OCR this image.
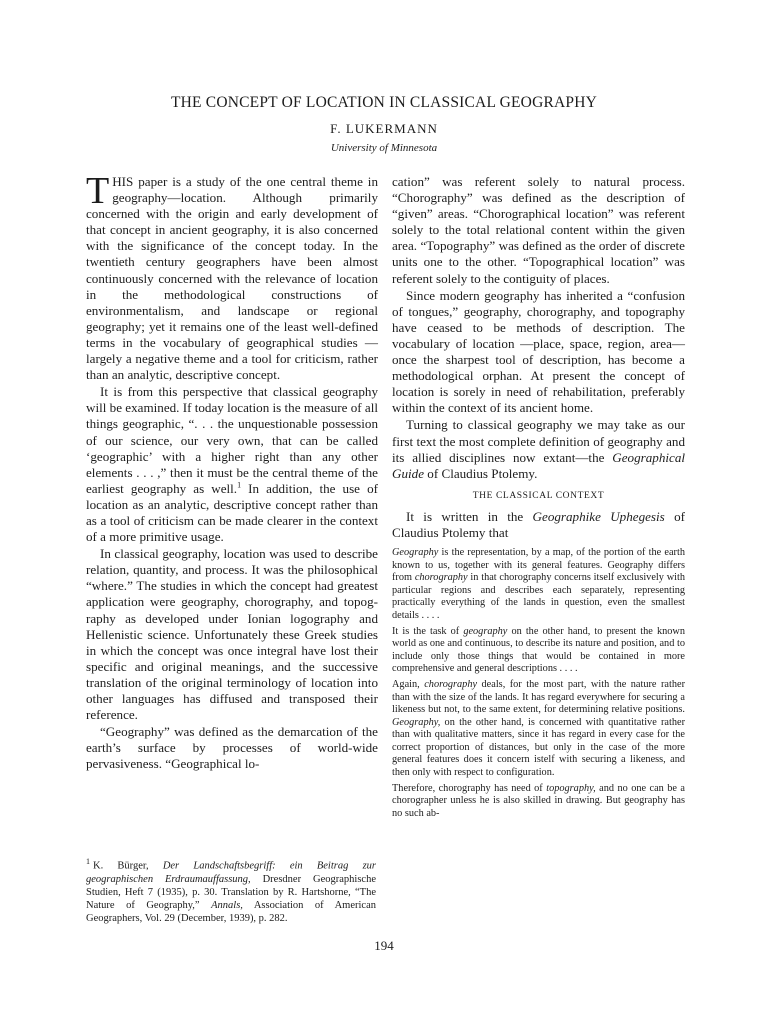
THE CONCEPT OF LOCATION IN CLASSICAL GEOGRAPHY
F. LUKERMANN
University of Minnesota

THIS paper is a study of the one central theme in geography—location. Although primarily concerned with the origin and early development of that concept in ancient geography, it is also concerned with the significance of the concept today. In the twentieth century geographers have been almost continuously concerned with the relevance of location in the methodological constructions of environmentalism, and landscape or regional geography; yet it remains one of the least well-defined terms in the vocabulary of geographical studies — largely a negative theme and a tool for criticism, rather than an analytic, descriptive concept.

It is from this perspective that classical geography will be examined. If today location is the measure of all things geographic, “. . . the unquestionable possession of our science, our very own, that can be called ‘geographic’ with a higher right than any other elements . . . ,” then it must be the central theme of the earliest geography as well.$^1$ In addition, the use of location as an analytic, descriptive concept rather than as a tool of criticism can be made clearer in the context of a more primitive usage.

In classical geography, location was used to describe relation, quantity, and process. It was the philosophical “where.” The studies in which the concept had greatest application were geography, chorography, and topography as developed under Ionian logography and Hellenistic science. Unfortunately these Greek studies in which the concept was once integral have lost their specific and original meanings, and the successive translation of the original terminology of location into other languages has diffused and transposed their reference.

“Geography” was defined as the demarcation of the earth’s surface by processes of world-wide pervasiveness. “Geographical lo-

$^1$ K. Bürger, Der Landschaftsbegriff: ein Beitrag zur geographischen Erdraumauffassung, Dresdner Geographische Studien, Heft 7 (1935), p. 30. Translation by R. Hartshorne, “The Nature of Geography,” Annals, Association of American Geographers, Vol. 29 (December, 1939), p. 282.

cation” was referent solely to natural process. “Chorography” was defined as the description of “given” areas. “Chorographical location” was referent solely to the total relational content within the given area. “Topography” was defined as the order of discrete units one to the other. “Topographical location” was referent solely to the contiguity of places.

Since modern geography has inherited a “confusion of tongues,” geography, chorography, and topography have ceased to be methods of description. The vocabulary of location —place, space, region, area—once the sharpest tool of description, has become a methodological orphan. At present the concept of location is sorely in need of rehabilitation, preferably within the context of its ancient home.

Turning to classical geography we may take as our first text the most complete definition of geography and its allied disciplines now extant—the Geographical Guide of Claudius Ptolemy.

THE CLASSICAL CONTEXT

It is written in the Geographike Uphegesis of Claudius Ptolemy that

Geography is the representation, by a map, of the portion of the earth known to us, together with its general features. Geography differs from chorography in that chorography concerns itself exclusively with particular regions and describes each separately, representing practically everything of the lands in question, even the smallest details . . . .

It is the task of geography on the other hand, to present the known world as one and continuous, to describe its nature and position, and to include only those things that would be contained in more comprehensive and general descriptions . . . .

Again, chorography deals, for the most part, with the nature rather than with the size of the lands. It has regard everywhere for securing a likeness but not, to the same extent, for determining relative positions. Geography, on the other hand, is concerned with quantitative rather than with qualitative matters, since it has regard in every case for the correct proportion of distances, but only in the case of the more general features does it concern istelf with securing a likeness, and then only with respect to configuration.

Therefore, chorography has need of topography, and no one can be a chorographer unless he is also skilled in drawing. But geography has no such ab-

194
